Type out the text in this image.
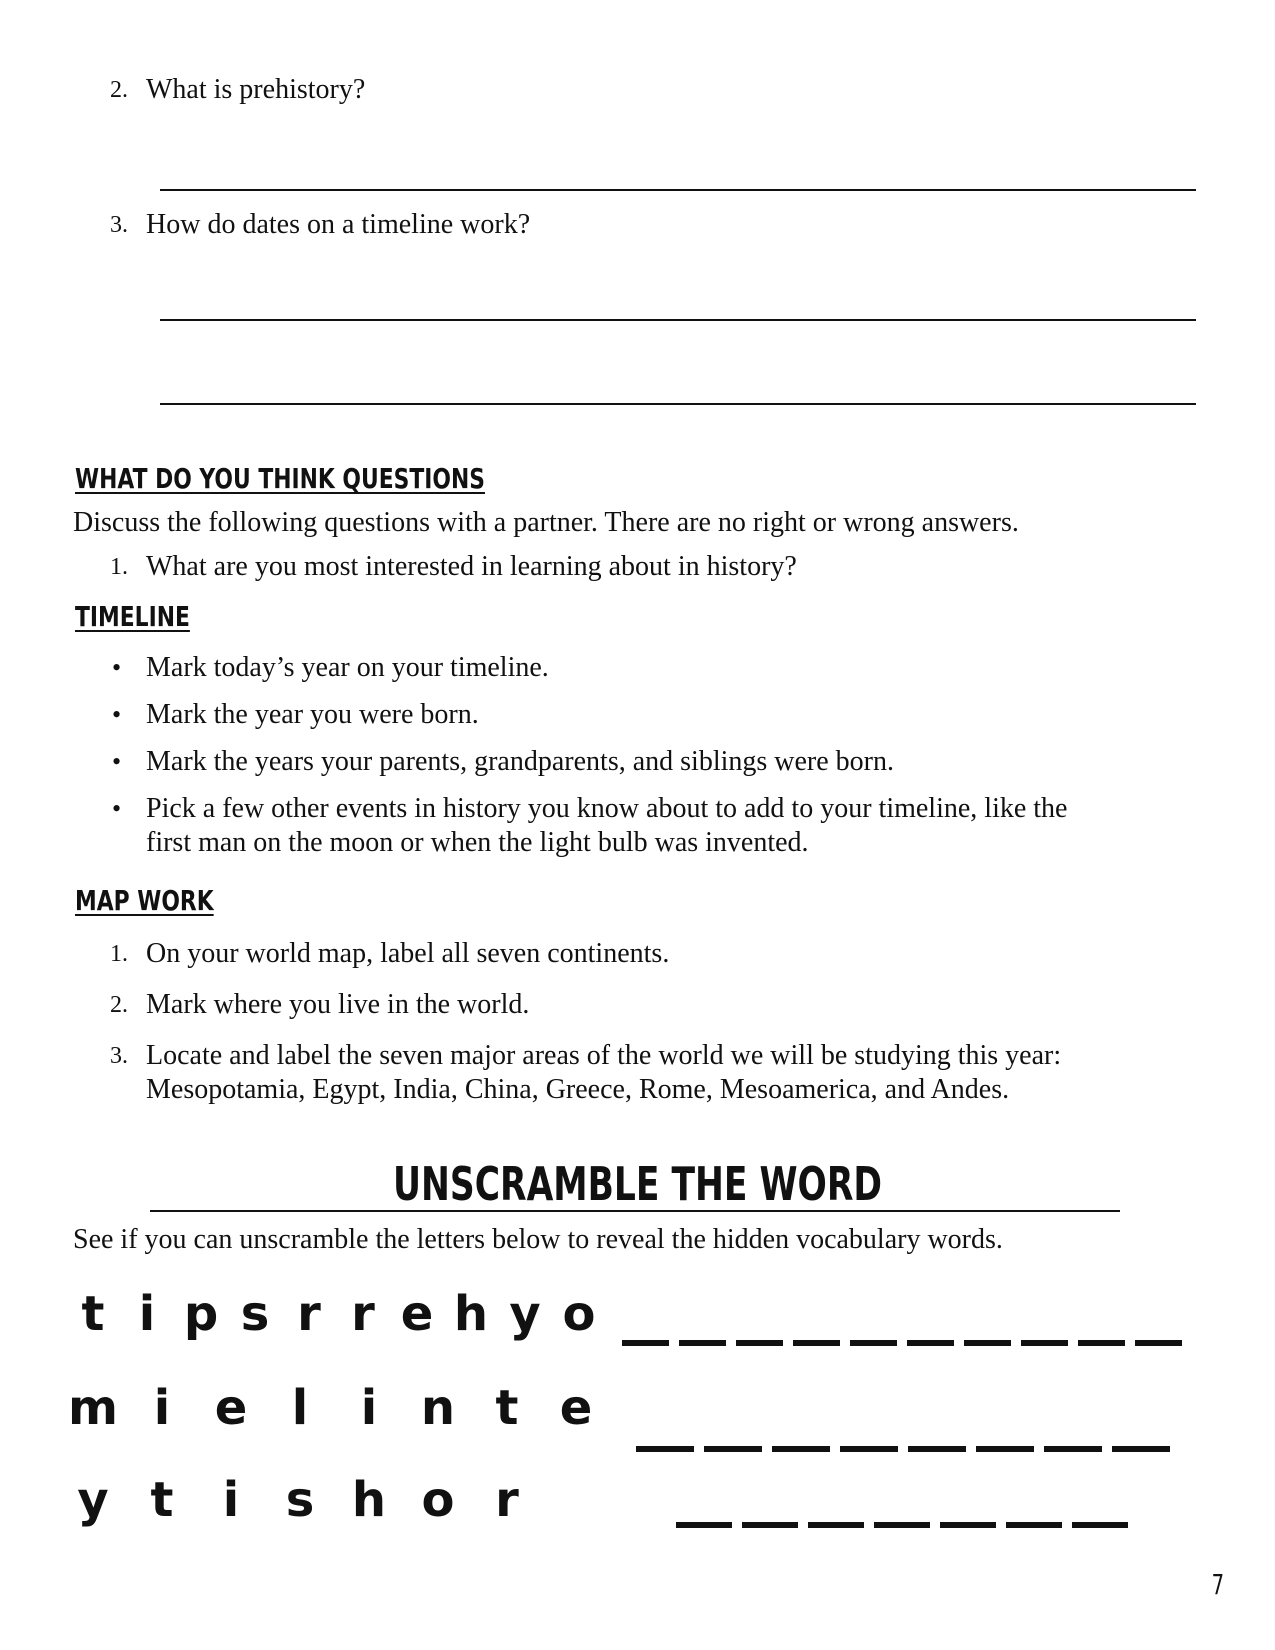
2. What is prehistory?
3. How do dates on a timeline work?
WHAT DO YOU THINK QUESTIONS
Discuss the following questions with a partner. There are no right or wrong answers.
1. What are you most interested in learning about in history?
TIMELINE
• Mark today’s year on your timeline.
• Mark the year you were born.
• Mark the years your parents, grandparents, and siblings were born.
• Pick a few other events in history you know about to add to your timeline, like the
first man on the moon or when the light bulb was invented.
MAP WORK
1. On your world map, label all seven continents.
2. Mark where you live in the world.
3. Locate and label the seven major areas of the world we will be studying this year:
Mesopotamia, Egypt, India, China, Greece, Rome, Mesoamerica, and Andes.
UNSCRAMBLE THE WORD
See if you can unscramble the letters below to reveal the hidden vocabulary words.
t i p s r r e h y o
m i e l	i n t e
y t	i s h o r
7
